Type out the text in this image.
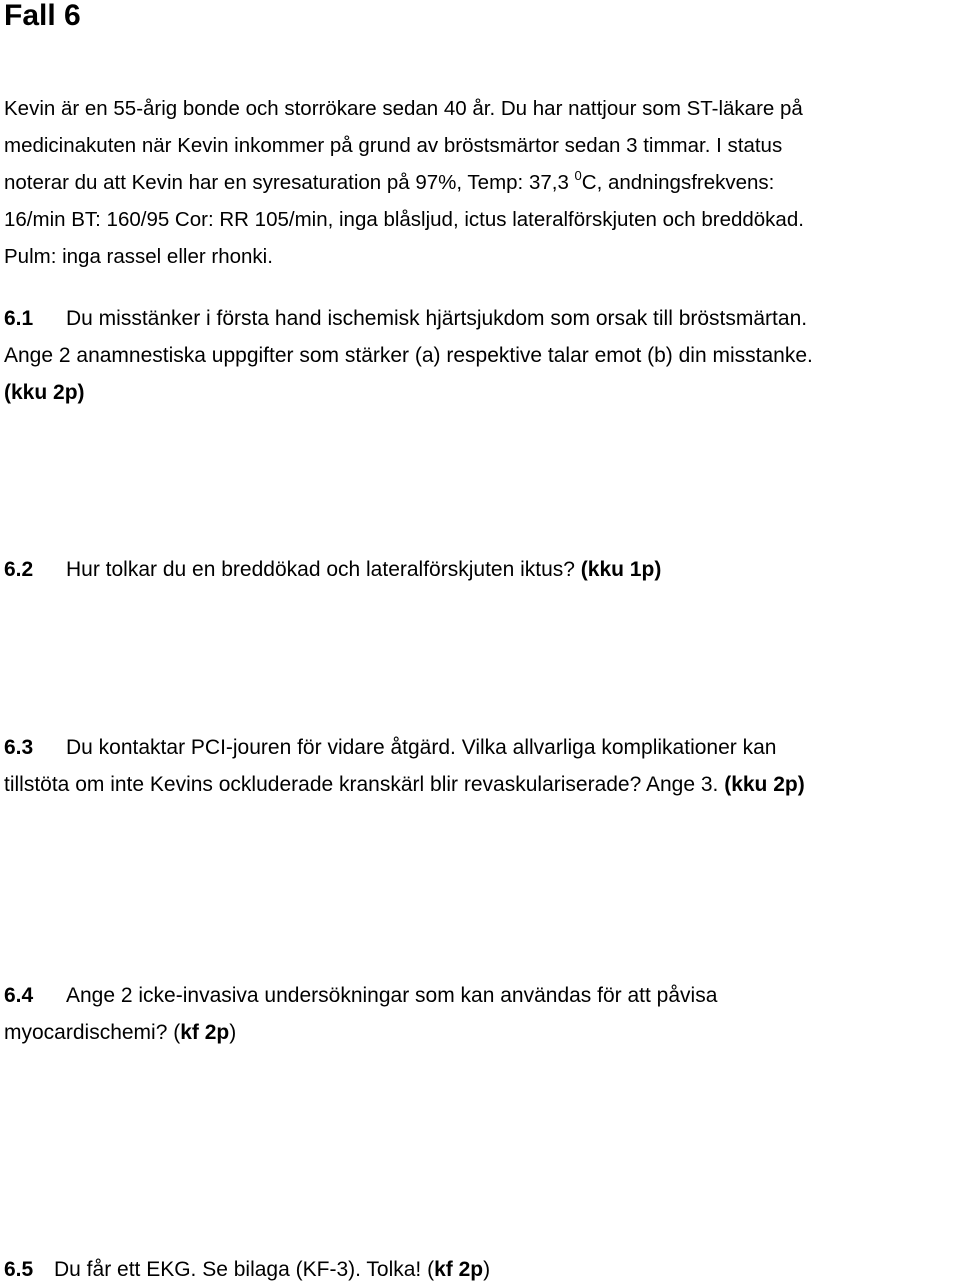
Fall 6
Kevin är en 55-årig bonde och storrökare sedan 40 år. Du har nattjour som ST-läkare på
medicinakuten när Kevin inkommer på grund av bröstsmärtor sedan 3 timmar. I status
noterar du att Kevin har en syresaturation på 97%, Temp: 37,3 $^0$C, andningsfrekvens:
16/min BT: 160/95 Cor: RR 105/min, inga blåsljud, ictus lateralförskjuten och breddökad.
Pulm: inga rassel eller rhonki.
6.1 Du misstänker i första hand ischemisk hjärtsjukdom som orsak till bröstsmärtan.
Ange 2 anamnestiska uppgifter som stärker (a) respektive talar emot (b) din misstanke.
(kku 2p)
6.2 Hur tolkar du en breddökad och lateralförskjuten iktus? (kku 1p)
6.3 Du kontaktar PCI-jouren för vidare åtgärd. Vilka allvarliga komplikationer kan
tillstöta om inte Kevins ockluderade kranskärl blir revaskulariserade? Ange 3. (kku 2p)
6.4 Ange 2 icke-invasiva undersökningar som kan användas för att påvisa
myocardischemi? (kf 2p)
6.5 Du får ett EKG. Se bilaga (KF-3). Tolka! (kf 2p)
